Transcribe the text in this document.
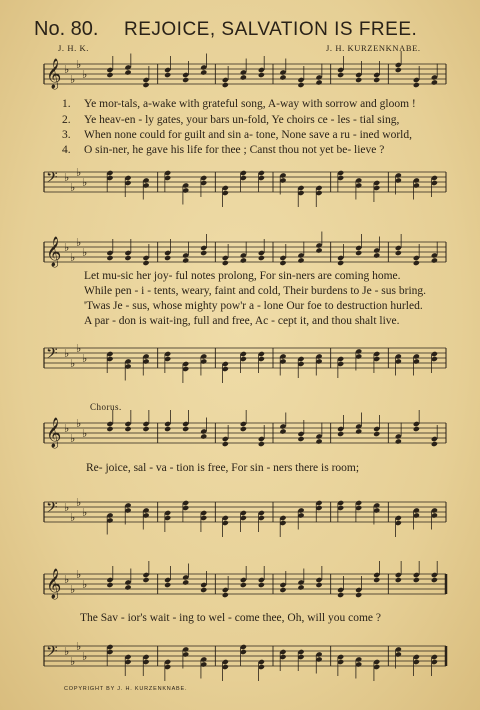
No. 80. REJOICE, SALVATION IS FREE.
J. H. K.	J. H. KURZENKNABE.
𝄞 ♭
♭
♭
♭
1. Ye mor-tals, a-wake with grateful song, A-way with sorrow and gloom !
2. Ye heav-en - ly gates, your bars un-fold, Ye choirs ce - les - tial sing,
3. When none could for guilt and sin a- tone, None save a ru - ined world,
4. O sin-ner, he gave his life for thee ; Canst thou not yet be- lieve ?
𝄢 ♭
♭
♭
♭
𝄞 ♭
♭
♭
♭
Let mu-sic her joy- ful notes prolong, For sin-ners are coming home.
While pen - i - tents, weary, faint and cold, Their burdens to Je - sus bring.
'Twas Je - sus, whose mighty pow'r a - lone Our foe to destruction hurled.
A par - don is wait-ing, full and free, Ac - cept it, and thou shalt live.
𝄢 ♭
♭
♭
♭
Chorus.
𝄞 ♭
♭
♭
♭
Re- joice, sal - va - tion is free, For sin - ners there is room;
𝄢 ♭
♭
♭
♭
𝄞 ♭
♭
♭
♭
The Sav - ior's wait - ing to wel - come thee, Oh, will you come ?
𝄢 ♭
♭
♭
♭
COPYRIGHT BY J. H. KURZENKNABE.
